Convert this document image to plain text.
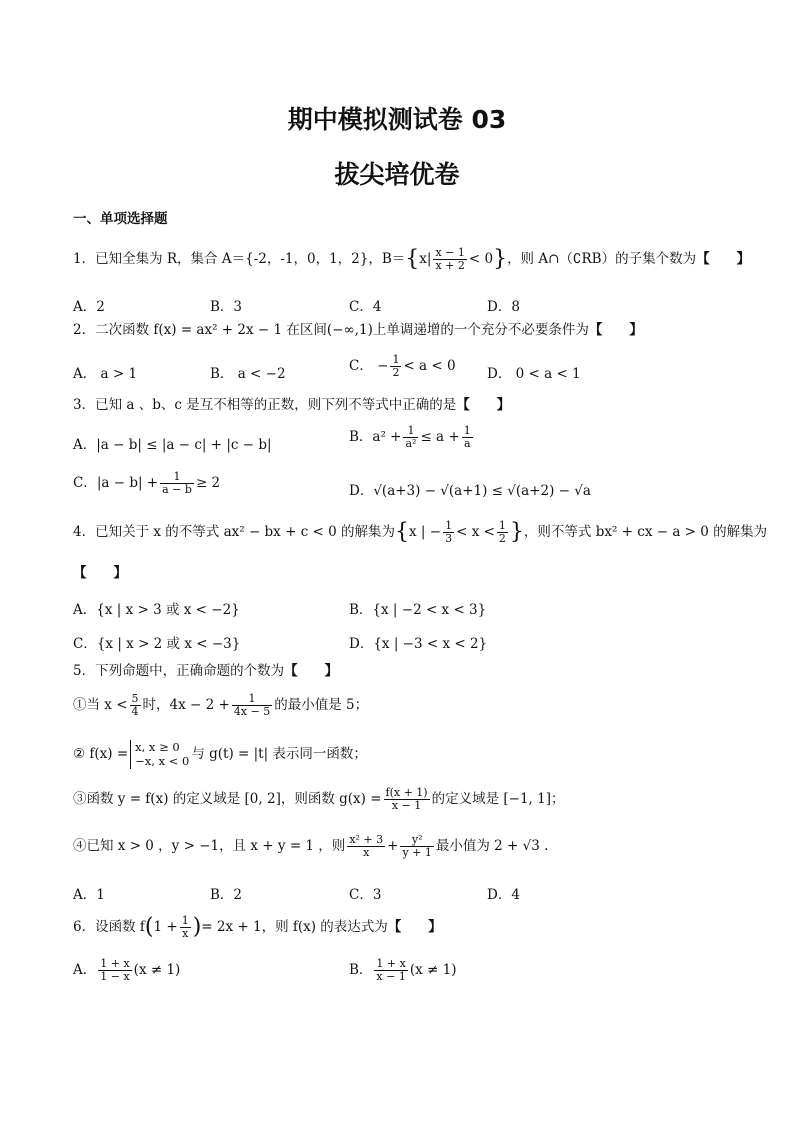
期中模拟测试卷 03
拔尖培优卷
一、单项选择题
1．已知全集为 R，集合 A＝{-2，-1，0，1，2}，$B=\{x| \frac{x - 1}{x + 2} < 0\}$，则 A∩（∁RB）的子集个数为【　　】
A．2	B．3	C．4	D．8
2．二次函数 f(x) = ax² + 2x − 1 在区间(−∞,1)上单调递增的一个充分不必要条件为【　　】
A． a > 1	B． a < −2	C． − $\frac{1}{2} < a < 0$ D． 0 < a < 1
3．已知 a 、b、c 是互不相等的正数，则下列不等式中正确的是【　　】
A．|a − b| ≤ |a − c| + |c − b|	B．$a^2 + \frac{1}{\text{a²}} \le a + \frac{1}{a}$
C．$|a - b| + \frac{1}{a - b} \ge 2$	D．√(a+3) − √(a+1) ≤ √(a+2) − √a
4．已知关于 x 的不等式 ax² − bx + c < 0 的解集为{x | − $\frac{1}{3} < x < \frac{1}{2}$ }，则不等式 bx² + cx − a > 0 的解集为
【　　】
A．{x | x > 3 或 x < −2}	B．{x | −2 < x < 3}
C．{x | x > 2 或 x < −3}	D．{x | −3 < x < 2}
5．下列命题中，正确命题的个数为【　　】
①当 $x < \frac{5}{4}$ 时，$4x - 2 + \frac{1}{4x - 5}$ 的最小值是 5；
② f(x) = x, x ≥ 0
−x, x < 0 与 g(t) = |t| 表示同一函数；
③函数 y = f(x) 的定义域是 [0, 2]，则函数 $g(x) = \frac{f(x + 1)}{x - 1}$ 的定义域是 [−1, 1]；
④已知 x > 0 ，y > −1，且 x + y = 1 ，则 $\frac{\text{x² + 3}}{x} + \frac{\text{y²}}{y + 1}$ 最小值为 2 + √3 .
A．1	B．2	C．3	D．4
6．设函数 $f(1 + \frac{1}{x}$ )= 2x + 1，则 f(x) 的表达式为【　　】
A． $\frac{1 + x}{1 - x} (x \ne 1)$	B． $\frac{1 + x}{x - 1} (x \ne 1)$
